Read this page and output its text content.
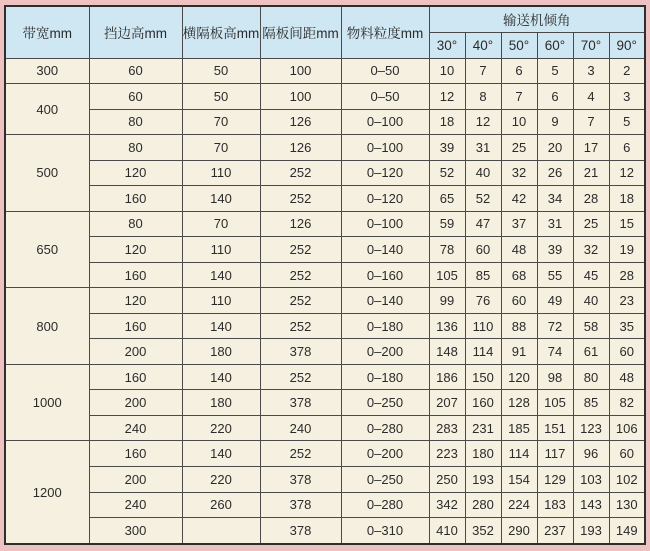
带宽mm	挡边高mm	横隔板高mm	隔板间距mm	物料粒度mm	输送机倾角					
					30°	40°	50°	60°	70°	90°
300	60	50	100	0–50	10	7	6	5	3	2
400	60	50	100	0–50	12	8	7	6	4	3
	80	70	126	0–100	18	12	10	9	7	5
500	80	70	126	0–100	39	31	25	20	17	6
	120	110	252	0–120	52	40	32	26	21	12
	160	140	252	0–120	65	52	42	34	28	18
650	80	70	126	0–100	59	47	37	31	25	15
	120	110	252	0–140	78	60	48	39	32	19
	160	140	252	0–160	105	85	68	55	45	28
800	120	110	252	0–140	99	76	60	49	40	23
	160	140	252	0–180	136	110	88	72	58	35
	200	180	378	0–200	148	114	91	74	61	60
1000	160	140	252	0–180	186	150	120	98	80	48
	200	180	378	0–250	207	160	128	105	85	82
	240	220	240	0–280	283	231	185	151	123	106
1200	160	140	252	0–200	223	180	114	117	96	60
	200	220	378	0–250	250	193	154	129	103	102
	240	260	378	0–280	342	280	224	183	143	130
	300		378	0–310	410	352	290	237	193	149
